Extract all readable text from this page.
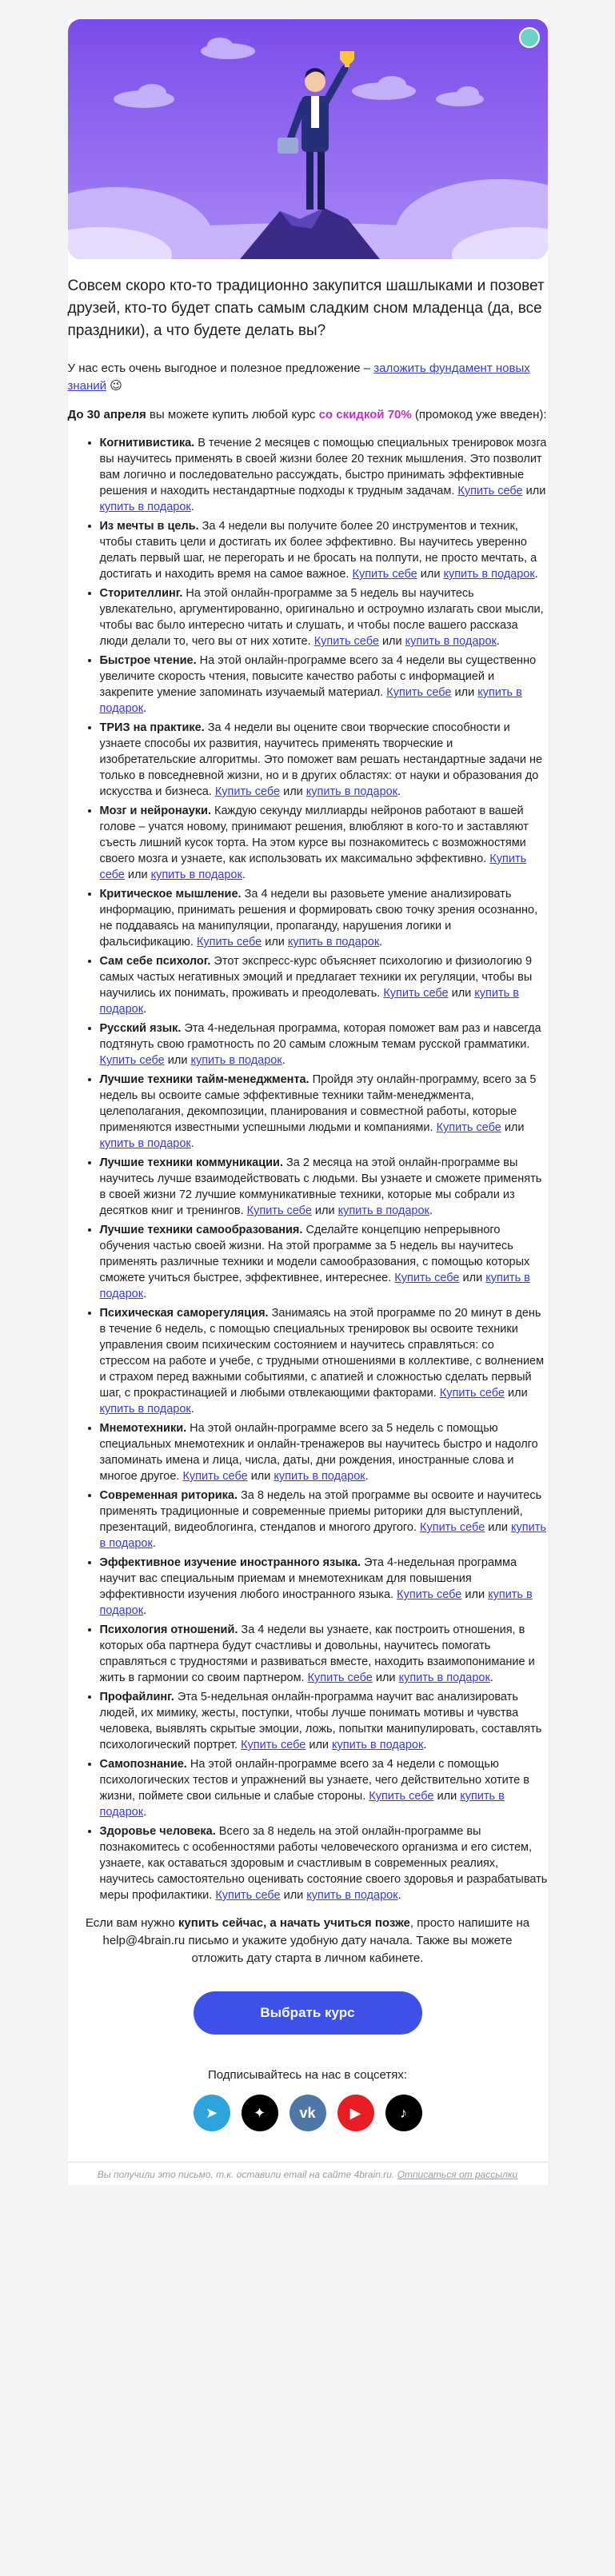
Совсем скоро кто-то традиционно закупится шашлыками и позовет друзей, кто-то будет спать самым сладким сном младенца (да, все праздники), а что будете делать вы?

У нас есть очень выгодное и полезное предложение – заложить фундамент новых знаний 😉

До 30 апреля вы можете купить любой курс со скидкой 70% (промокод уже введен):

• Когнитивистика. В течение 2 месяцев с помощью специальных тренировок мозга вы научитесь применять в своей жизни более 20 техник мышления. Это позволит вам логично и последовательно рассуждать, быстро принимать эффективные решения и находить нестандартные подходы к трудным задачам. Купить себе или купить в подарок.
• Из мечты в цель. За 4 недели вы получите более 20 инструментов и техник, чтобы ставить цели и достигать их более эффективно. Вы научитесь уверенно делать первый шаг, не перегорать и не бросать на полпути, не просто мечтать, а достигать и находить время на самое важное. Купить себе или купить в подарок.
• Сторителлинг. На этой онлайн-программе за 5 недель вы научитесь увлекательно, аргументированно, оригинально и остроумно излагать свои мысли, чтобы вас было интересно читать и слушать, и чтобы после вашего рассказа люди делали то, чего вы от них хотите. Купить себе или купить в подарок.
• Быстрое чтение. На этой онлайн-программе всего за 4 недели вы существенно увеличите скорость чтения, повысите качество работы с информацией и закрепите умение запоминать изучаемый материал. Купить себе или купить в подарок.
• ТРИЗ на практике. За 4 недели вы оцените свои творческие способности и узнаете способы их развития, научитесь применять творческие и изобретательские алгоритмы. Это поможет вам решать нестандартные задачи не только в повседневной жизни, но и в других областях: от науки и образования до искусства и бизнеса. Купить себе или купить в подарок.
• Мозг и нейронауки. Каждую секунду миллиарды нейронов работают в вашей голове – учатся новому, принимают решения, влюбляют в кого-то и заставляют съесть лишний кусок торта. На этом курсе вы познакомитесь с возможностями своего мозга и узнаете, как использовать их максимально эффективно. Купить себе или купить в подарок.
• Критическое мышление. За 4 недели вы разовьете умение анализировать информацию, принимать решения и формировать свою точку зрения осознанно, не поддаваясь на манипуляции, пропаганду, нарушения логики и фальсификацию. Купить себе или купить в подарок.
• Сам себе психолог. Этот экспресс-курс объясняет психологию и физиологию 9 самых частых негативных эмоций и предлагает техники их регуляции, чтобы вы научились их понимать, проживать и преодолевать. Купить себе или купить в подарок.
• Русский язык. Эта 4-недельная программа, которая поможет вам раз и навсегда подтянуть свою грамотность по 20 самым сложным темам русской грамматики. Купить себе или купить в подарок.
• Лучшие техники тайм-менеджмента. Пройдя эту онлайн-программу, всего за 5 недель вы освоите самые эффективные техники тайм-менеджмента, целеполагания, декомпозиции, планирования и совместной работы, которые применяются известными успешными людьми и компаниями. Купить себе или купить в подарок.
• Лучшие техники коммуникации. За 2 месяца на этой онлайн-программе вы научитесь лучше взаимодействовать с людьми. Вы узнаете и сможете применять в своей жизни 72 лучшие коммуникативные техники, которые мы собрали из десятков книг и тренингов. Купить себе или купить в подарок.
• Лучшие техники самообразования. Сделайте концепцию непрерывного обучения частью своей жизни. На этой программе за 5 недель вы научитесь применять различные техники и модели самообразования, с помощью которых сможете учиться быстрее, эффективнее, интереснее. Купить себе или купить в подарок.
• Психическая саморегуляция. Занимаясь на этой программе по 20 минут в день в течение 6 недель, с помощью специальных тренировок вы освоите техники управления своим психическим состоянием и научитесь справляться: со стрессом на работе и учебе, с трудными отношениями в коллективе, с волнением и страхом перед важными событиями, с апатией и сложностью сделать первый шаг, с прокрастинацией и любыми отвлекающими факторами. Купить себе или купить в подарок.
• Мнемотехники. На этой онлайн-программе всего за 5 недель с помощью специальных мнемотехник и онлайн-тренажеров вы научитесь быстро и надолго запоминать имена и лица, числа, даты, дни рождения, иностранные слова и многое другое. Купить себе или купить в подарок.
• Современная риторика. За 8 недель на этой программе вы освоите и научитесь применять традиционные и современные приемы риторики для выступлений, презентаций, видеоблогинга, стендапов и многого другого. Купить себе или купить в подарок.
• Эффективное изучение иностранного языка. Эта 4-недельная программа научит вас специальным приемам и мнемотехникам для повышения эффективности изучения любого иностранного языка. Купить себе или купить в подарок.
• Психология отношений. За 4 недели вы узнаете, как построить отношения, в которых оба партнера будут счастливы и довольны, научитесь помогать справляться с трудностями и развиваться вместе, находить взаимопонимание и жить в гармонии со своим партнером. Купить себе или купить в подарок.
• Профайлинг. Эта 5-недельная онлайн-программа научит вас анализировать людей, их мимику, жесты, поступки, чтобы лучше понимать мотивы и чувства человека, выявлять скрытые эмоции, ложь, попытки манипулировать, составлять психологический портрет. Купить себе или купить в подарок.
• Самопознание. На этой онлайн-программе всего за 4 недели с помощью психологических тестов и упражнений вы узнаете, чего действительно хотите в жизни, поймете свои сильные и слабые стороны. Купить себе или купить в подарок.
• Здоровье человека. Всего за 8 недель на этой онлайн-программе вы познакомитесь с особенностями работы человеческого организма и его систем, узнаете, как оставаться здоровым и счастливым в современных реалиях, научитесь самостоятельно оценивать состояние своего здоровья и разрабатывать меры профилактики. Купить себе или купить в подарок.

Если вам нужно купить сейчас, а начать учиться позже, просто напишите на help@4brain.ru письмо и укажите удобную дату начала. Также вы можете отложить дату старта в личном кабинете.

Выбрать курс
Подписывайтесь на нас в соцсетях:
➤	✦	vk	▶	♪
Вы получили это письмо, т.к. оставили email на сайте 4brain.ru. Отписаться от рассылки
